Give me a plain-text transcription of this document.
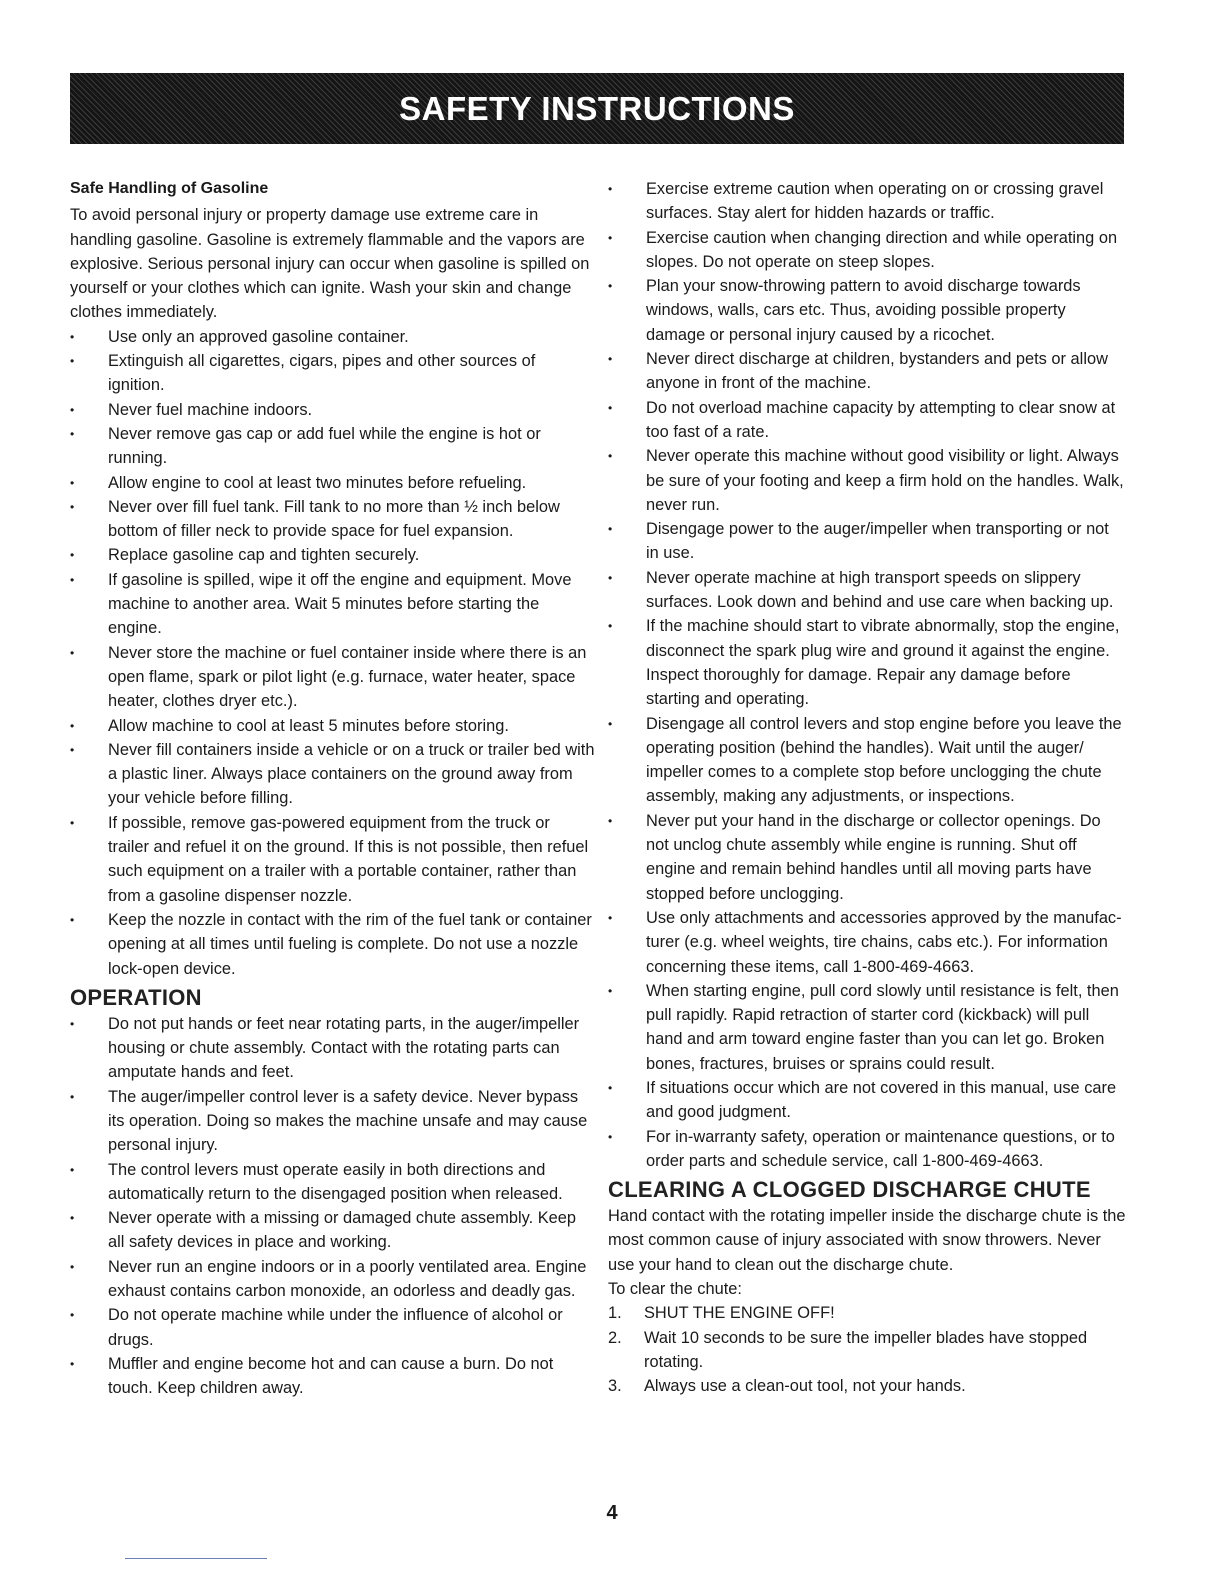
SAFETY INSTRUCTIONS
Safe Handling of Gasoline

To avoid personal injury or property damage use extreme care in handling gasoline. Gasoline is extremely flammable and the vapors are explosive. Serious personal injury can occur when gasoline is spilled on yourself or your clothes which can ignite. Wash your skin and change clothes immediately.

• Use only an approved gasoline container.
• Extinguish all cigarettes, cigars, pipes and other sources of ignition.
• Never fuel machine indoors.
• Never remove gas cap or add fuel while the engine is hot or running.
• Allow engine to cool at least two minutes before refueling.
• Never over fill fuel tank. Fill tank to no more than ½ inch below bottom of filler neck to provide space for fuel expansion.
• Replace gasoline cap and tighten securely.
• If gasoline is spilled, wipe it off the engine and equipment. Move machine to another area. Wait 5 minutes before starting the engine.
• Never store the machine or fuel container inside where there is an open flame, spark or pilot light (e.g. furnace, water heater, space heater, clothes dryer etc.).
• Allow machine to cool at least 5 minutes before storing.
• Never fill containers inside a vehicle or on a truck or trailer bed with a plastic liner. Always place containers on the ground away from your vehicle before filling.
• If possible, remove gas-powered equipment from the truck or trailer and refuel it on the ground. If this is not possible, then refuel such equipment on a trailer with a portable container, rather than from a gasoline dispenser nozzle.
• Keep the nozzle in contact with the rim of the fuel tank or container opening at all times until fueling is complete. Do not use a nozzle lock-open device.
OPERATION
• Do not put hands or feet near rotating parts, in the auger/impeller housing or chute assembly. Contact with the rotating parts can amputate hands and feet.
• The auger/impeller control lever is a safety device. Never bypass its operation. Doing so makes the machine unsafe and may cause personal injury.
• The control levers must operate easily in both directions and automatically return to the disengaged position when released.
• Never operate with a missing or damaged chute assembly. Keep all safety devices in place and working.
• Never run an engine indoors or in a poorly ventilated area. Engine exhaust contains carbon monoxide, an odorless and deadly gas.
• Do not operate machine while under the influence of alcohol or drugs.
• Muffler and engine become hot and can cause a burn. Do not touch. Keep children away.
• Exercise extreme caution when operating on or crossing gravel surfaces. Stay alert for hidden hazards or traffic.
• Exercise caution when changing direction and while operating on slopes. Do not operate on steep slopes.
• Plan your snow-throwing pattern to avoid discharge towards windows, walls, cars etc. Thus, avoiding possible property damage or personal injury caused by a ricochet.
• Never direct discharge at children, bystanders and pets or allow anyone in front of the machine.
• Do not overload machine capacity by attempting to clear snow at too fast of a rate.
• Never operate this machine without good visibility or light. Always be sure of your footing and keep a firm hold on the handles. Walk, never run.
• Disengage power to the auger/impeller when transporting or not in use.
• Never operate machine at high transport speeds on slippery surfaces. Look down and behind and use care when backing up.
• If the machine should start to vibrate abnormally, stop the engine, disconnect the spark plug wire and ground it against the engine. Inspect thoroughly for damage. Repair any damage before starting and operating.
• Disengage all control levers and stop engine before you leave the operating position (behind the handles). Wait until the auger/ impeller comes to a complete stop before unclogging the chute assembly, making any adjustments, or inspections.
• Never put your hand in the discharge or collector openings. Do not unclog chute assembly while engine is running. Shut off engine and remain behind handles until all moving parts have stopped before unclogging.
• Use only attachments and accessories approved by the manufac-turer (e.g. wheel weights, tire chains, cabs etc.). For information concerning these items, call 1-800-469-4663.
• When starting engine, pull cord slowly until resistance is felt, then pull rapidly. Rapid retraction of starter cord (kickback) will pull hand and arm toward engine faster than you can let go. Broken bones, fractures, bruises or sprains could result.
• If situations occur which are not covered in this manual, use care and good judgment.
• For in-warranty safety, operation or maintenance questions, or to order parts and schedule service, call 1-800-469-4663.
CLEARING A CLOGGED DISCHARGE CHUTE

Hand contact with the rotating impeller inside the discharge chute is the most common cause of injury associated with snow throwers. Never use your hand to clean out the discharge chute.

To clear the chute:

1. SHUT THE ENGINE OFF!
2. Wait 10 seconds to be sure the impeller blades have stopped rotating.
3. Always use a clean-out tool, not your hands.
4
